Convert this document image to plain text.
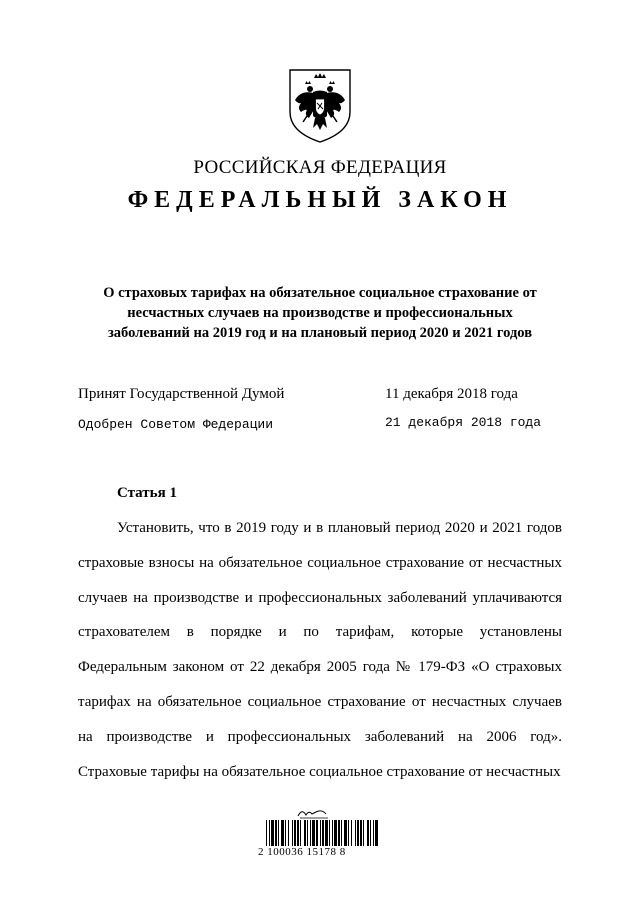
РОССИЙСКАЯ ФЕДЕРАЦИЯ
ФЕДЕРАЛЬНЫЙ ЗАКОН
О страховых тарифах на обязательное социальное страхование от
несчастных случаев на производстве и профессиональных
заболеваний на 2019 год и на плановый период 2020 и 2021 годов
Принят Государственной Думой	11 декабря 2018 года
Одобрен Советом Федерации	21 декабря 2018 года
Статья 1
Установить, что в 2019 году и в плановый период 2020 и 2021 годов страховые взносы на обязательное социальное страхование от несчастных случаев на производстве и профессиональных заболеваний уплачиваются страхователем в порядке и по тарифам, которые установлены Федеральным законом от 22 декабря 2005 года № 179-ФЗ «О страховых тарифах на обязательное социальное страхование от несчастных случаев на производстве и профессиональных заболеваний на 2006 год». Страховые тарифы на обязательное социальное страхование от несчастных
2 100036 15178 8
